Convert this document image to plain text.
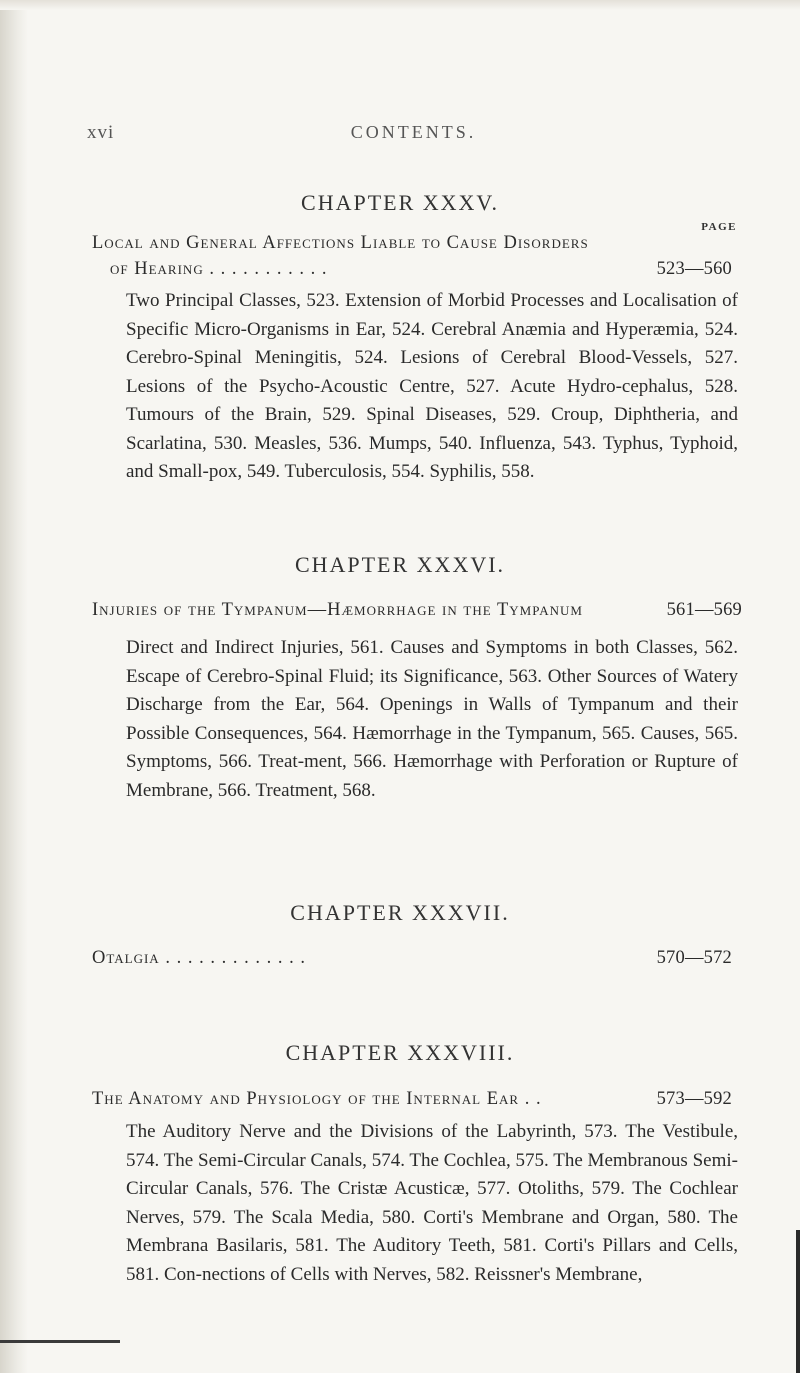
xvi	CONTENTS.
CHAPTER XXXV.
PAGE
Local and General Affections Liable to Cause Disorders
of Hearing . . . . . . . . . . .	523—560
Two Principal Classes, 523. Extension of Morbid Processes and Localisation of Specific Micro-Organisms in Ear, 524. Cerebral Anæmia and Hyperæmia, 524. Cerebro-Spinal Meningitis, 524. Lesions of Cerebral Blood-Vessels, 527. Lesions of the Psycho-Acoustic Centre, 527. Acute Hydro-cephalus, 528. Tumours of the Brain, 529. Spinal Diseases, 529. Croup, Diphtheria, and Scarlatina, 530. Measles, 536. Mumps, 540. Influenza, 543. Typhus, Typhoid, and Small-pox, 549. Tuberculosis, 554. Syphilis, 558.
CHAPTER XXXVI.
Injuries of the Tympanum—Hæmorrhage in the Tympanum	561—569
Direct and Indirect Injuries, 561. Causes and Symptoms in both Classes, 562. Escape of Cerebro-Spinal Fluid; its Significance, 563. Other Sources of Watery Discharge from the Ear, 564. Openings in Walls of Tympanum and their Possible Consequences, 564. Hæmorrhage in the Tympanum, 565. Causes, 565. Symptoms, 566. Treat-ment, 566. Hæmorrhage with Perforation or Rupture of Membrane, 566. Treatment, 568.
CHAPTER XXXVII.
Otalgia . . . . . . . . . . . . .	570—572
CHAPTER XXXVIII.
The Anatomy and Physiology of the Internal Ear . .	573—592
The Auditory Nerve and the Divisions of the Labyrinth, 573. The Vestibule, 574. The Semi-Circular Canals, 574. The Cochlea, 575. The Membranous Semi-Circular Canals, 576. The Cristæ Acusticæ, 577. Otoliths, 579. The Cochlear Nerves, 579. The Scala Media, 580. Corti's Membrane and Organ, 580. The Membrana Basilaris, 581. The Auditory Teeth, 581. Corti's Pillars and Cells, 581. Con-nections of Cells with Nerves, 582. Reissner's Membrane,
